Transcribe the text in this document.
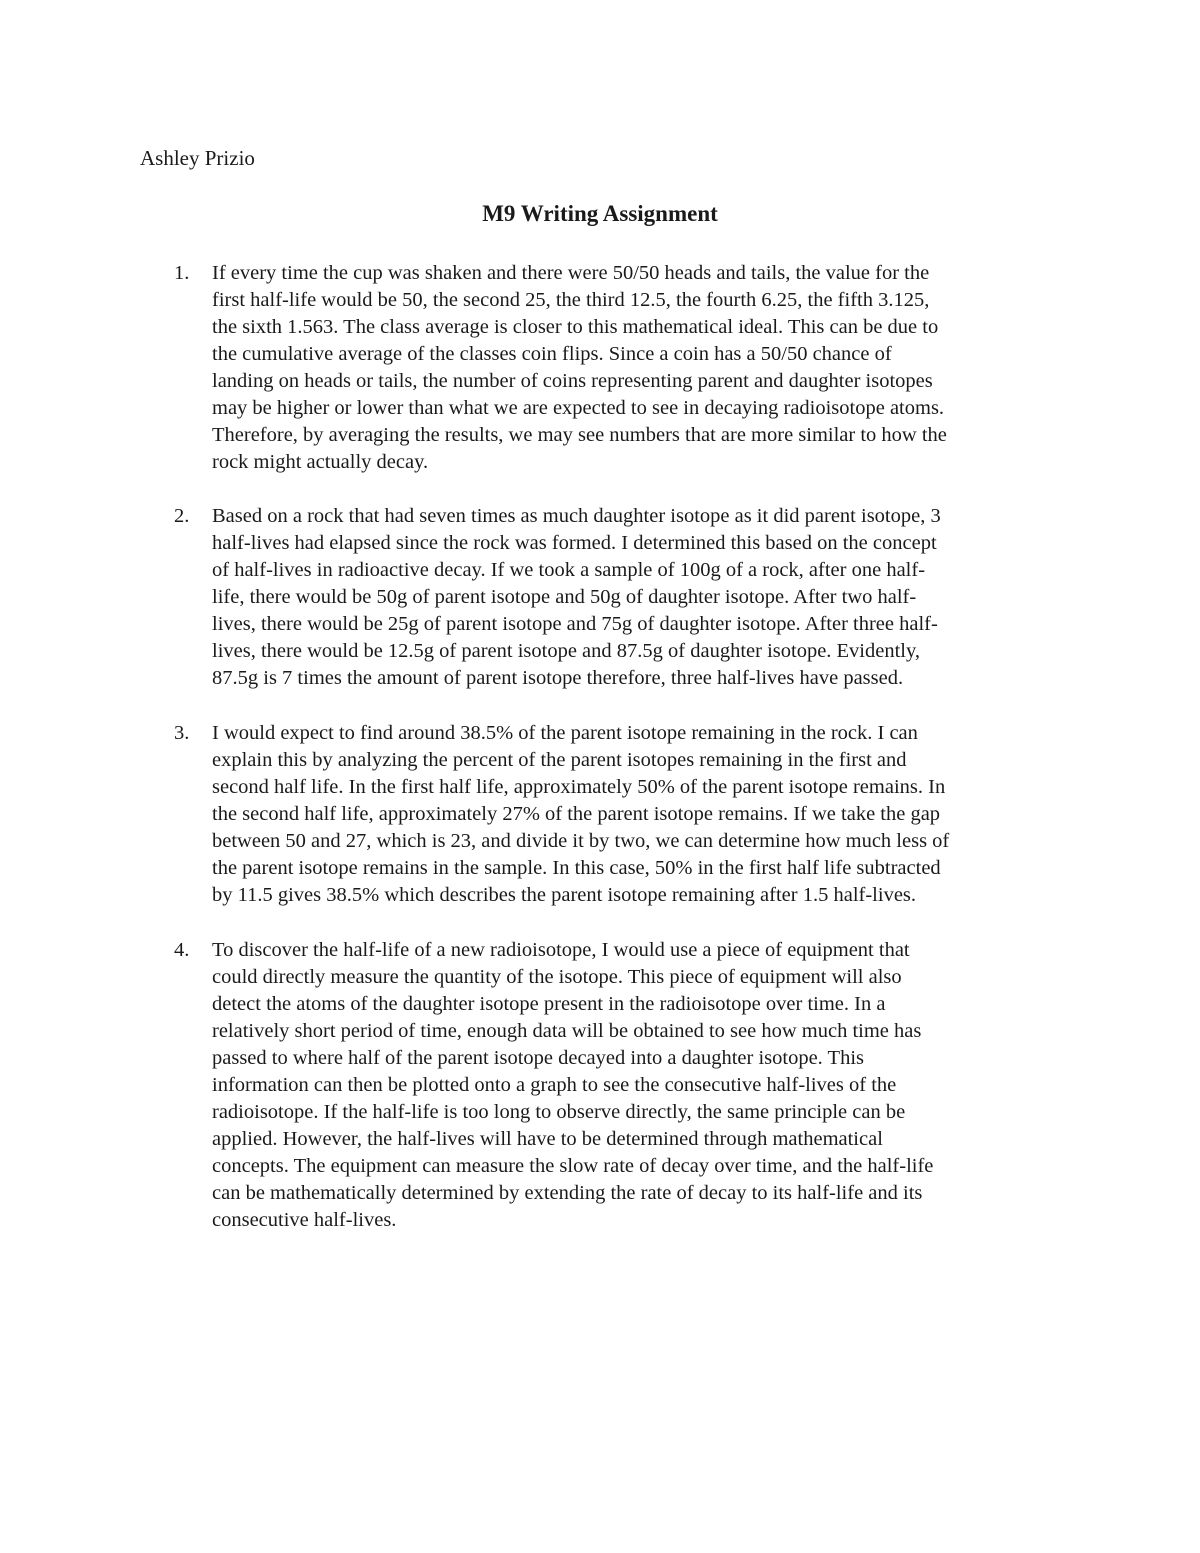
Ashley Prizio

M9 Writing Assignment
1.	If every time the cup was shaken and there were 50/50 heads and tails, the value for the
first half-life would be 50, the second 25, the third 12.5, the fourth 6.25, the fifth 3.125,
the sixth 1.563. The class average is closer to this mathematical ideal. This can be due to
the cumulative average of the classes coin flips. Since a coin has a 50/50 chance of
landing on heads or tails, the number of coins representing parent and daughter isotopes
may be higher or lower than what we are expected to see in decaying radioisotope atoms.
Therefore, by averaging the results, we may see numbers that are more similar to how the
rock might actually decay.
2.	Based on a rock that had seven times as much daughter isotope as it did parent isotope, 3
half-lives had elapsed since the rock was formed. I determined this based on the concept
of half-lives in radioactive decay. If we took a sample of 100g of a rock, after one half-
life, there would be 50g of parent isotope and 50g of daughter isotope. After two half-
lives, there would be 25g of parent isotope and 75g of daughter isotope. After three half-
lives, there would be 12.5g of parent isotope and 87.5g of daughter isotope. Evidently,
87.5g is 7 times the amount of parent isotope therefore, three half-lives have passed.
3.	I would expect to find around 38.5% of the parent isotope remaining in the rock. I can
explain this by analyzing the percent of the parent isotopes remaining in the first and
second half life. In the first half life, approximately 50% of the parent isotope remains. In
the second half life, approximately 27% of the parent isotope remains. If we take the gap
between 50 and 27, which is 23, and divide it by two, we can determine how much less of
the parent isotope remains in the sample. In this case, 50% in the first half life subtracted
by 11.5 gives 38.5% which describes the parent isotope remaining after 1.5 half-lives.
4.	To discover the half-life of a new radioisotope, I would use a piece of equipment that
could directly measure the quantity of the isotope. This piece of equipment will also
detect the atoms of the daughter isotope present in the radioisotope over time. In a
relatively short period of time, enough data will be obtained to see how much time has
passed to where half of the parent isotope decayed into a daughter isotope. This
information can then be plotted onto a graph to see the consecutive half-lives of the
radioisotope. If the half-life is too long to observe directly, the same principle can be
applied. However, the half-lives will have to be determined through mathematical
concepts. The equipment can measure the slow rate of decay over time, and the half-life
can be mathematically determined by extending the rate of decay to its half-life and its
consecutive half-lives.
